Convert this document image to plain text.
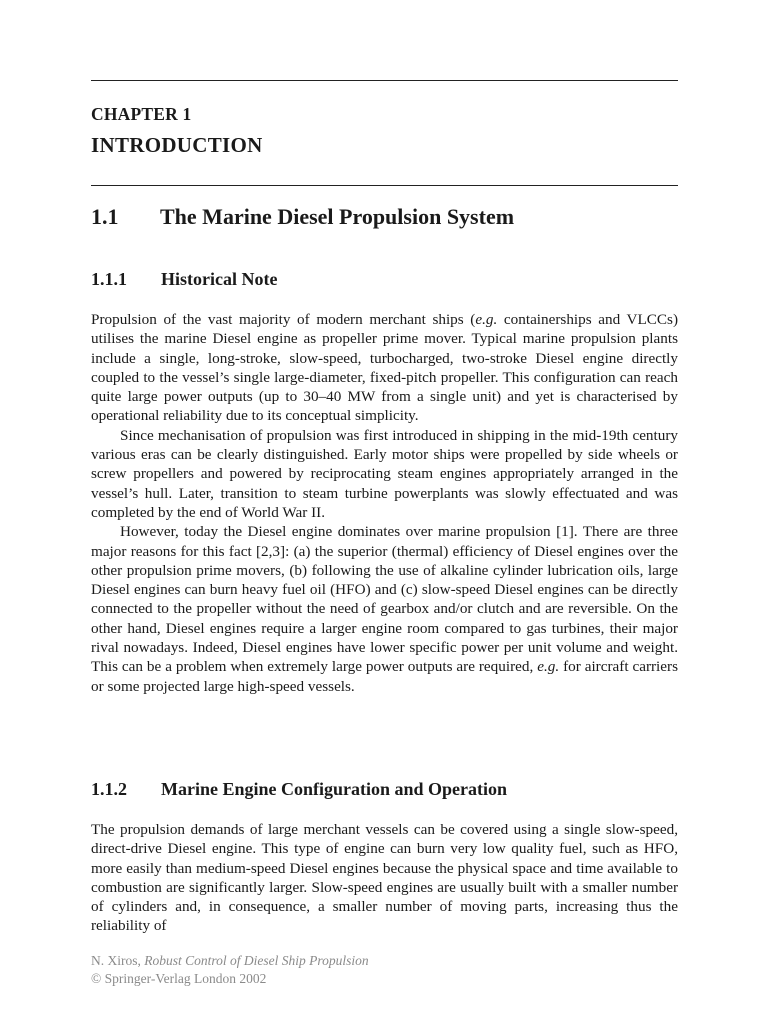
CHAPTER 1
INTRODUCTION
1.1	The Marine Diesel Propulsion System
1.1.1	Historical Note

Propulsion of the vast majority of modern merchant ships (e.g. containerships and VLCCs) utilises the marine Diesel engine as propeller prime mover. Typical marine propulsion plants include a single, long-stroke, slow-speed, turbocharged, two-stroke Diesel engine directly coupled to the vessel’s single large-diameter, fixed-pitch propeller. This configuration can reach quite large power outputs (up to 30–40 MW from a single unit) and yet is characterised by operational reliability due to its conceptual simplicity.

Since mechanisation of propulsion was first introduced in shipping in the mid-19th century various eras can be clearly distinguished. Early motor ships were propelled by side wheels or screw propellers and powered by reciprocating steam engines appropriately arranged in the vessel’s hull. Later, transition to steam turbine powerplants was slowly effectuated and was completed by the end of World War II.

However, today the Diesel engine dominates over marine propulsion [1]. There are three major reasons for this fact [2,3]: (a) the superior (thermal) efficiency of Diesel engines over the other propulsion prime movers, (b) following the use of alkaline cylinder lubrication oils, large Diesel engines can burn heavy fuel oil (HFO) and (c) slow-speed Diesel engines can be directly connected to the propeller without the need of gearbox and/or clutch and are reversible. On the other hand, Diesel engines require a larger engine room compared to gas turbines, their major rival nowadays. Indeed, Diesel engines have lower specific power per unit volume and weight. This can be a problem when extremely large power outputs are required, e.g. for aircraft carriers or some projected large high-speed vessels.

1.1.2	Marine Engine Configuration and Operation

The propulsion demands of large merchant vessels can be covered using a single slow-speed, direct-drive Diesel engine. This type of engine can burn very low quality fuel, such as HFO, more easily than medium-speed Diesel engines because the physical space and time available to combustion are significantly larger. Slow-speed engines are usually built with a smaller number of cylinders and, in consequence, a smaller number of moving parts, increasing thus the reliability of

N. Xiros, Robust Control of Diesel Ship Propulsion
© Springer-Verlag London 2002
